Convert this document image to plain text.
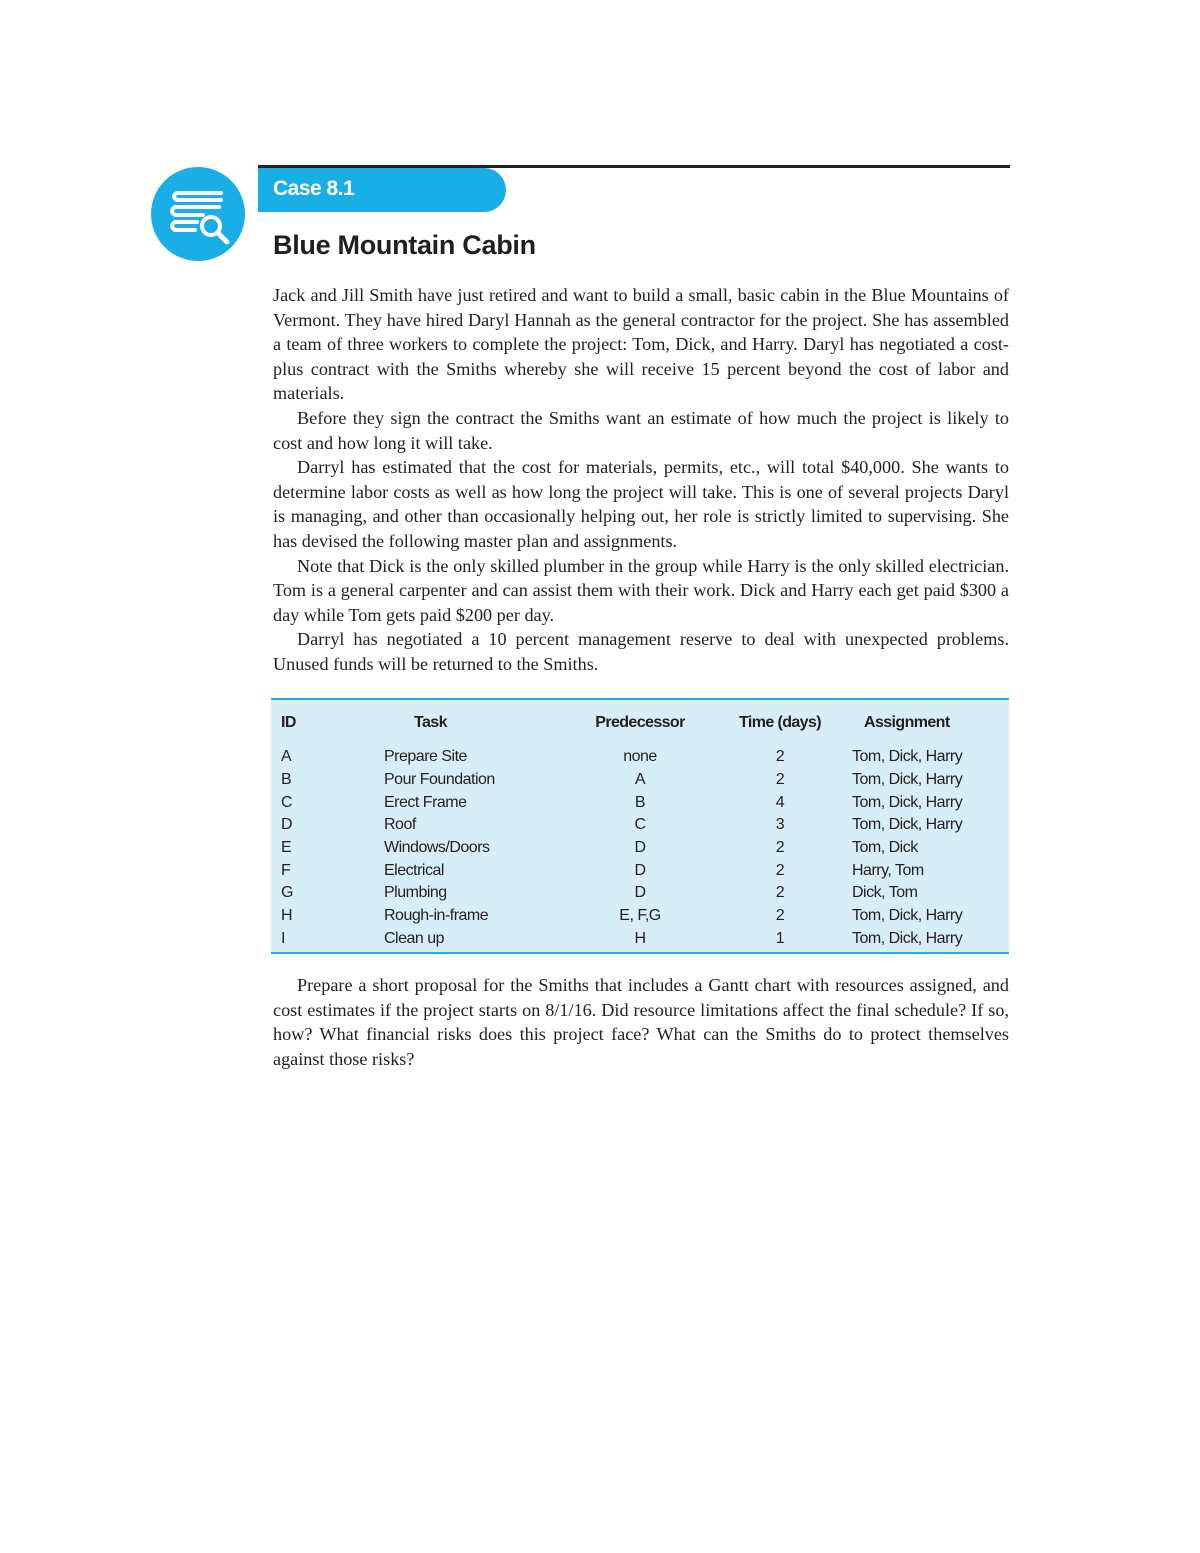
Case 8.1
Blue Mountain Cabin

Jack and Jill Smith have just retired and want to build a small, basic cabin in the Blue Mountains of Vermont. They have hired Daryl Hannah as the general contractor for the project. She has assembled a team of three workers to complete the project: Tom, Dick, and Harry. Daryl has negotiated a cost-plus contract with the Smiths whereby she will receive 15 percent beyond the cost of labor and materials.

Before they sign the contract the Smiths want an estimate of how much the project is likely to cost and how long it will take.

Darryl has estimated that the cost for materials, permits, etc., will total $40,000. She wants to determine labor costs as well as how long the project will take. This is one of several projects Daryl is managing, and other than occasionally helping out, her role is strictly limited to supervising. She has devised the following master plan and assignments.

Note that Dick is the only skilled plumber in the group while Harry is the only skilled electrician. Tom is a general carpenter and can assist them with their work. Dick and Harry each get paid $300 a day while Tom gets paid $200 per day.

Darryl has negotiated a 10 percent management reserve to deal with unexpected problems. Unused funds will be returned to the Smiths.

ID	Task	Predecessor	Time (days)	Assignment

A	Prepare Site	none	2	Tom, Dick, Harry
B	Pour Foundation	A	2	Tom, Dick, Harry
C	Erect Frame	B	4	Tom, Dick, Harry
D	Roof	C	3	Tom, Dick, Harry
E	Windows/Doors	D	2	Tom, Dick
F	Electrical	D	2	Harry, Tom
G	Plumbing	D	2	Dick, Tom
H	Rough-in-frame	E, F,G	2	Tom, Dick, Harry
I	Clean up	H	1	Tom, Dick, Harry

Prepare a short proposal for the Smiths that includes a Gantt chart with resources assigned, and cost estimates if the project starts on 8/1/16. Did resource limitations affect the final schedule? If so, how? What financial risks does this project face? What can the Smiths do to protect themselves against those risks?
